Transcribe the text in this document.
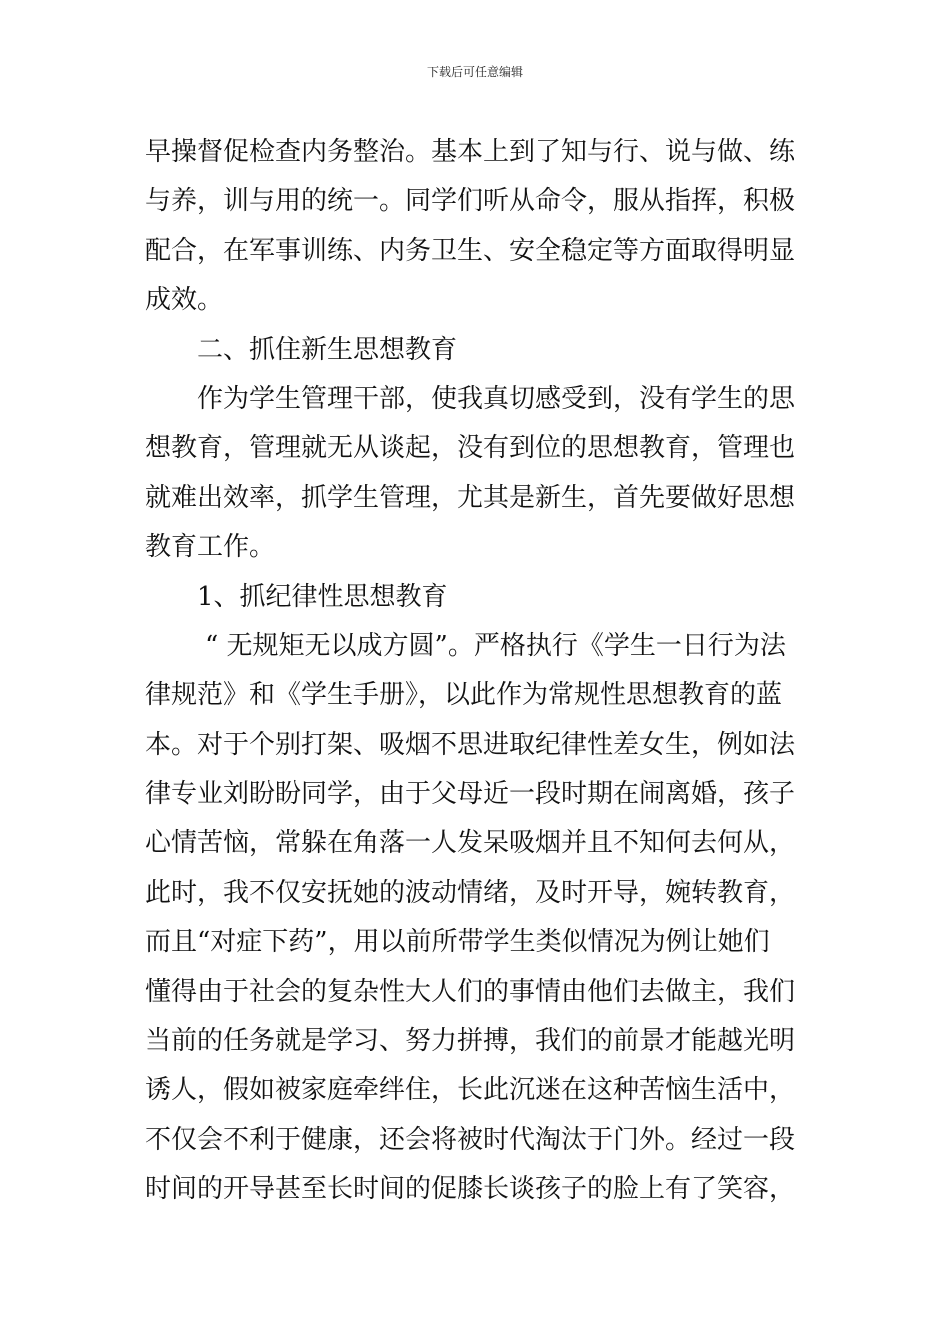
下载后可任意编辑
早操督促检查内务整治。基本上到了知与行、说与做、练
与养，训与用的统一。同学们听从命令，服从指挥，积极
配合，在军事训练、内务卫生、安全稳定等方面取得明显
成效。
二、抓住新生思想教育
作为学生管理干部，使我真切感受到，没有学生的思
想教育，管理就无从谈起，没有到位的思想教育，管理也
就难出效率，抓学生管理，尤其是新生，首先要做好思想
教育工作。
1、抓纪律性思想教育
“ 无规矩无以成方圆”。严格执行《学生一日行为法
律规范》和《学生手册》，以此作为常规性思想教育的蓝
本。对于个别打架、吸烟不思进取纪律性差女生，例如法
律专业刘盼盼同学，由于父母近一段时期在闹离婚，孩子
心情苦恼，常躲在角落一人发呆吸烟并且不知何去何从，
此时，我不仅安抚她的波动情绪，及时开导，婉转教育，
而且“对症下药”，用以前所带学生类似情况为例让她们
懂得由于社会的复杂性大人们的事情由他们去做主，我们
当前的任务就是学习、努力拼搏，我们的前景才能越光明
诱人，假如被家庭牵绊住，长此沉迷在这种苦恼生活中，
不仅会不利于健康，还会将被时代淘汰于门外。经过一段
时间的开导甚至长时间的促膝长谈孩子的脸上有了笑容，
